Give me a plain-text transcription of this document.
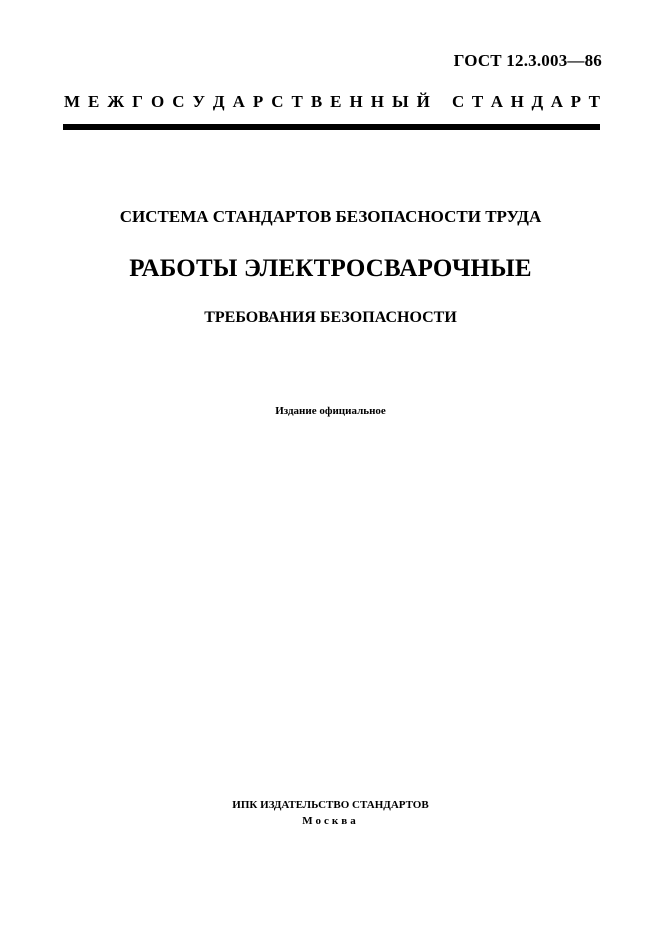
ГОСТ 12.3.003—86
М Е Ж Г О С У Д А Р С Т В Е Н Н Ы Й С Т А Н Д А Р Т
СИСТЕМА СТАНДАРТОВ БЕЗОПАСНОСТИ ТРУДА
РАБОТЫ ЭЛЕКТРОСВАРОЧНЫЕ
ТРЕБОВАНИЯ БЕЗОПАСНОСТИ
Издание официальное
ИПК ИЗДАТЕЛЬСТВО СТАНДАРТОВ
Москва
